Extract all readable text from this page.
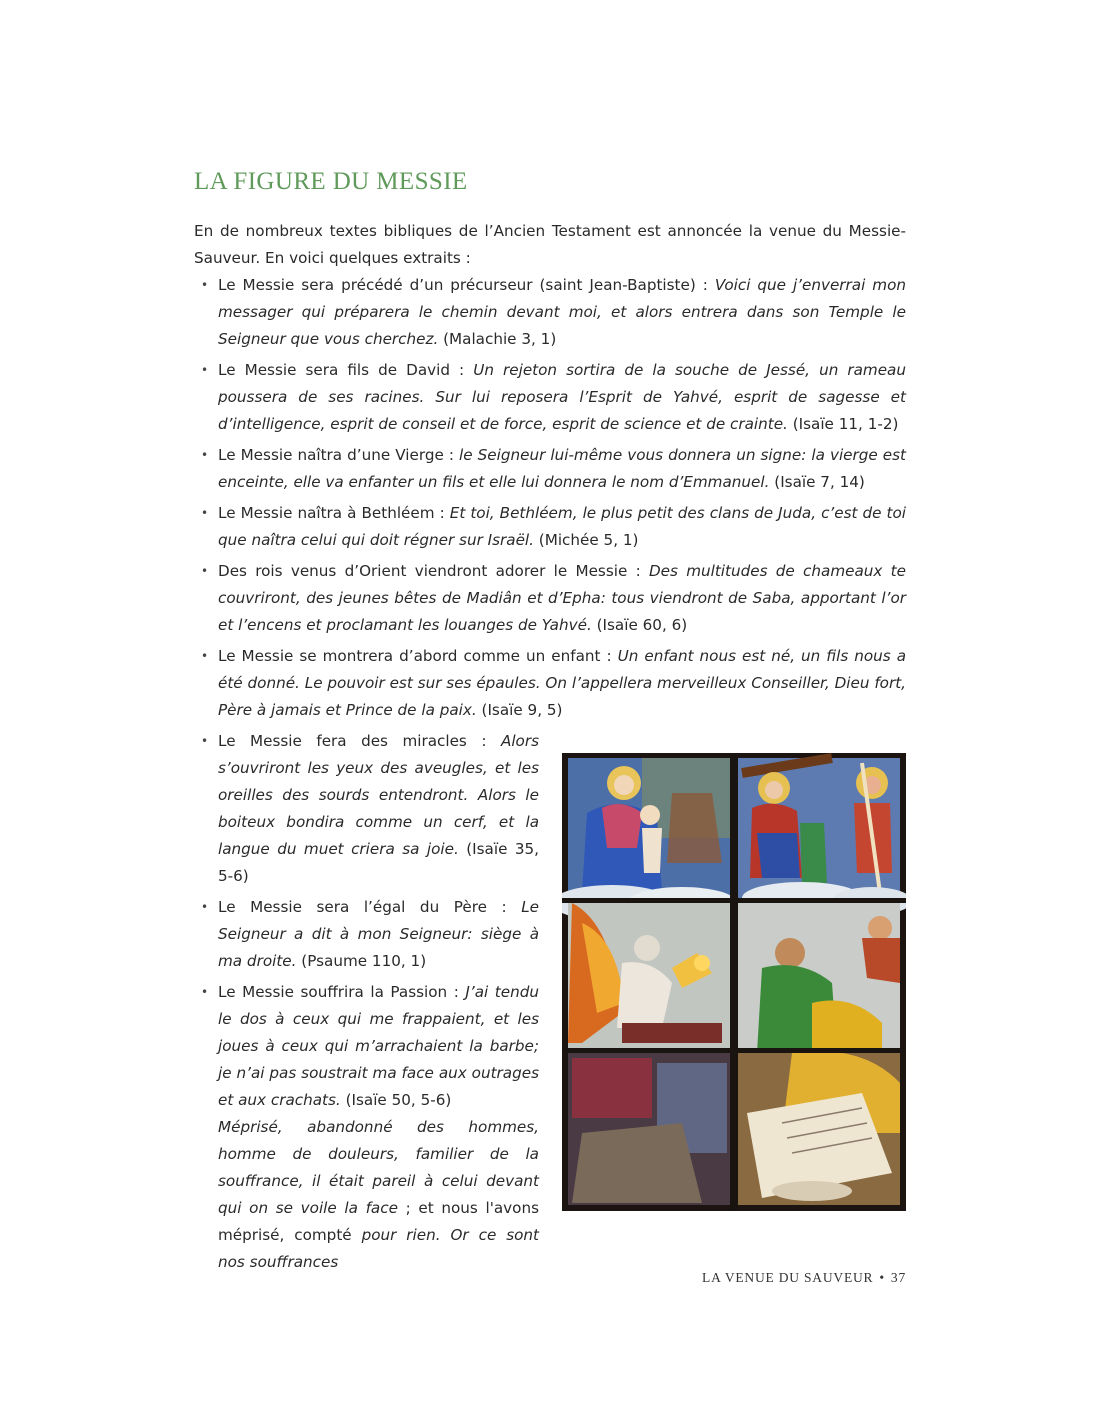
LA FIGURE DU MESSIE
En de nombreux textes bibliques de l’Ancien Testament est annoncée la venue du Messie-Sauveur. En voici quelques extraits :
• Le Messie sera précédé d’un précurseur (saint Jean-Baptiste) : Voici que j’enverrai mon messager qui préparera le chemin devant moi, et alors entrera dans son Temple le Seigneur que vous cherchez. (Malachie 3, 1)
• Le Messie sera fils de David : Un rejeton sortira de la souche de Jessé, un rameau poussera de ses racines. Sur lui reposera l’Esprit de Yahvé, esprit de sagesse et d’intelligence, esprit de conseil et de force, esprit de science et de crainte. (Isaïe 11, 1-2)
• Le Messie naîtra d’une Vierge : le Seigneur lui-même vous donnera un signe: la vierge est enceinte, elle va enfanter un fils et elle lui donnera le nom d’Emmanuel. (Isaïe 7, 14)
• Le Messie naîtra à Bethléem : Et toi, Bethléem, le plus petit des clans de Juda, c’est de toi que naîtra celui qui doit régner sur Israël. (Michée 5, 1)
• Des rois venus d’Orient viendront adorer le Messie : Des multitudes de chameaux te couvriront, des jeunes bêtes de Madiân et d’Epha: tous viendront de Saba, apportant l’or et l’encens et proclamant les louanges de Yahvé. (Isaïe 60, 6)
• Le Messie se montrera d’abord comme un enfant : Un enfant nous est né, un fils nous a été donné. Le pouvoir est sur ses épaules. On l’appellera merveilleux Conseiller, Dieu fort, Père à jamais et Prince de la paix. (Isaïe 9, 5)
• Le Messie fera des miracles : Alors s’ouvriront les yeux des aveugles, et les oreilles des sourds entendront. Alors le boiteux bondira comme un cerf, et la langue du muet criera sa joie. (Isaïe 35, 5-6)
• Le Messie sera l’égal du Père : Le Seigneur a dit à mon Seigneur: siège à ma droite. (Psaume 110, 1)
• Le Messie souffrira la Passion : J’ai tendu le dos à ceux qui me frappaient, et les joues à ceux qui m’arrachaient la barbe; je n’ai pas soustrait ma face aux outrages et aux crachats. (Isaïe 50, 5-6)

Méprisé, abandonné des hommes, homme de douleurs, familier de la souffrance, il était pareil à celui devant qui on se voile la face ; et nous l'avons méprisé, compté pour rien. Or ce sont nos souffrances

LA VENUE DU SAUVEUR • 37
